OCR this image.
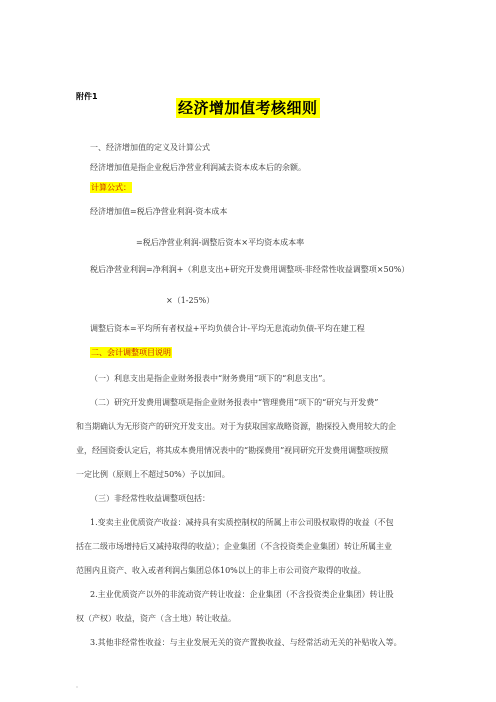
附件1
经济增加值考核细则
一、经济增加值的定义及计算公式
经济增加值是指企业税后净营业利润减去资本成本后的余额。
计算公式：
经济增加值=税后净营业利润-资本成本
=税后净营业利润-调整后资本×平均资本成本率
税后净营业利润=净利润+（利息支出+研究开发费用调整项-非经常性收益调整项×50%）
×（1-25%）
调整后资本=平均所有者权益+平均负债合计-平均无息流动负债-平均在建工程
二、会计调整项目说明
（一）利息支出是指企业财务报表中“财务费用”项下的“利息支出”。
（二）研究开发费用调整项是指企业财务报表中“管理费用”项下的“研究与开发费”
和当期确认为无形资产的研究开发支出。对于为获取国家战略资源，勘探投入费用较大的企
业，经国资委认定后，将其成本费用情况表中的“勘探费用”视同研究开发费用调整项按照
一定比例（原则上不超过50%）予以加回。
（三）非经常性收益调整项包括：
1.变卖主业优质资产收益：减持具有实质控制权的所属上市公司股权取得的收益（不包
括在二级市场增持后又减持取得的收益）；企业集团（不含投资类企业集团）转让所属主业
范围内且资产、收入或者利润占集团总体10%以上的非上市公司资产取得的收益。
2.主业优质资产以外的非流动资产转让收益：企业集团（不含投资类企业集团）转让股
权（产权）收益，资产（含土地）转让收益。
3.其他非经常性收益：与主业发展无关的资产置换收益、与经常活动无关的补贴收入等。
